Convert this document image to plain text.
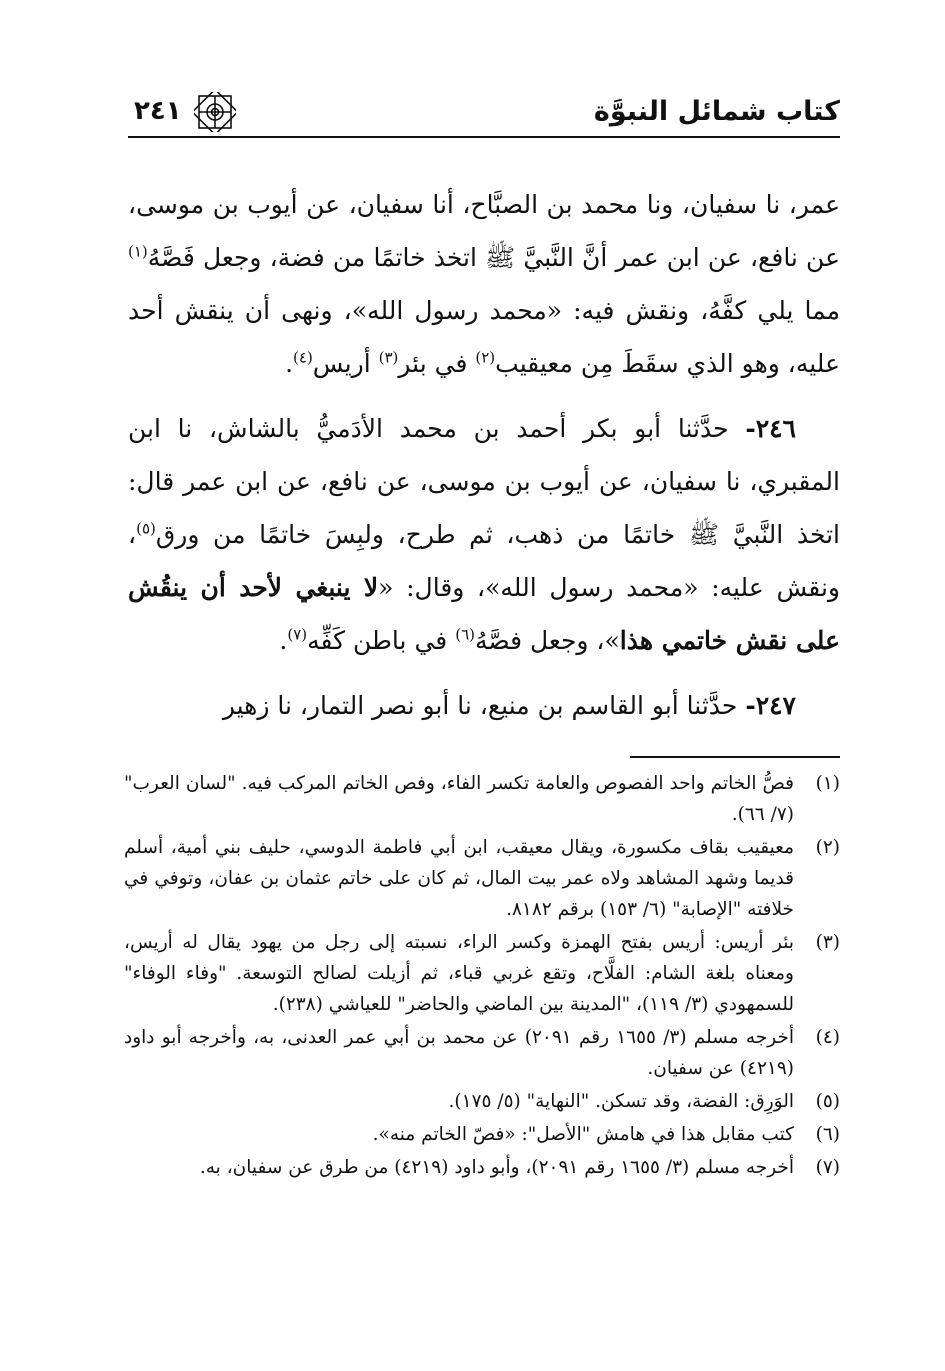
كتاب شمائل النبوَّة
٢٤١

عمر، نا سفيان، ونا محمد بن الصبَّاح، أنا سفيان، عن أيوب بن موسى، عن نافع، عن ابن عمر أنَّ النَّبيَّ ﷺ اتخذ خاتمًا من فضة، وجعل فَصَّهُ$^{(١)}$ مما يلي كفَّهُ، ونقش فيه: «محمد رسول الله»، ونهى أن ينقش أحد عليه، وهو الذي سقَطَ مِن معيقيب$^{(٢)}$ في بئر$^{(٣)}$ أريس$^{(٤)}$.

٢٤٦- حدَّثنا أبو بكر أحمد بن محمد الأدَميُّ بالشاش، نا ابن المقبري، نا سفيان، عن أيوب بن موسى، عن نافع، عن ابن عمر قال: اتخذ النَّبيَّ ﷺ خاتمًا من ذهب، ثم طرح، ولبِسَ خاتمًا من ورق$^{(٥)}$، ونقش عليه: «محمد رسول الله»، وقال: «لا ينبغي لأحد أن ينقُش على نقش خاتمي هذا»، وجعل فصَّهُ$^{(٦)}$ في باطن كَفِّه$^{(٧)}$.

٢٤٧- حدَّثنا أبو القاسم بن منيع، نا أبو نصر التمار، نا زهير

(١)
فصُّ الخاتم واحد الفصوص والعامة تكسر الفاء، وفص الخاتم المركب فيه. "لسان العرب" (٧/ ٦٦).
(٢)
معيقيب بقاف مكسورة، ويقال معيقب، ابن أبي فاطمة الدوسي، حليف بني أمية، أسلم قديما وشهد المشاهد ولاه عمر بيت المال، ثم كان على خاتم عثمان بن عفان، وتوفي في خلافته "الإصابة" (٦/ ١٥٣) برقم ٨١٨٢.
(٣)
بئر أريس: أريس بفتح الهمزة وكسر الراء، نسبته إلى رجل من يهود يقال له أريس، ومعناه بلغة الشام: الفلَّاح، وتقع غربي قباء، ثم أزيلت لصالح التوسعة. "وفاء الوفاء" للسمهودي (٣/ ١١٩)، "المدينة بين الماضي والحاضر" للعياشي (٢٣٨).
(٤)
أخرجه مسلم (٣/ ١٦٥٥ رقم ٢٠٩١) عن محمد بن أبي عمر العدنى، به، وأخرجه أبو داود (٤٢١٩) عن سفيان.
(٥)
الوَرِق: الفضة، وقد تسكن. "النهاية" (٥/ ١٧٥).
(٦)
كتب مقابل هذا في هامش "الأصل": «فصّ الخاتم منه».
(٧)
أخرجه مسلم (٣/ ١٦٥٥ رقم ٢٠٩١)، وأبو داود (٤٢١٩) من طرق عن سفيان، به.
